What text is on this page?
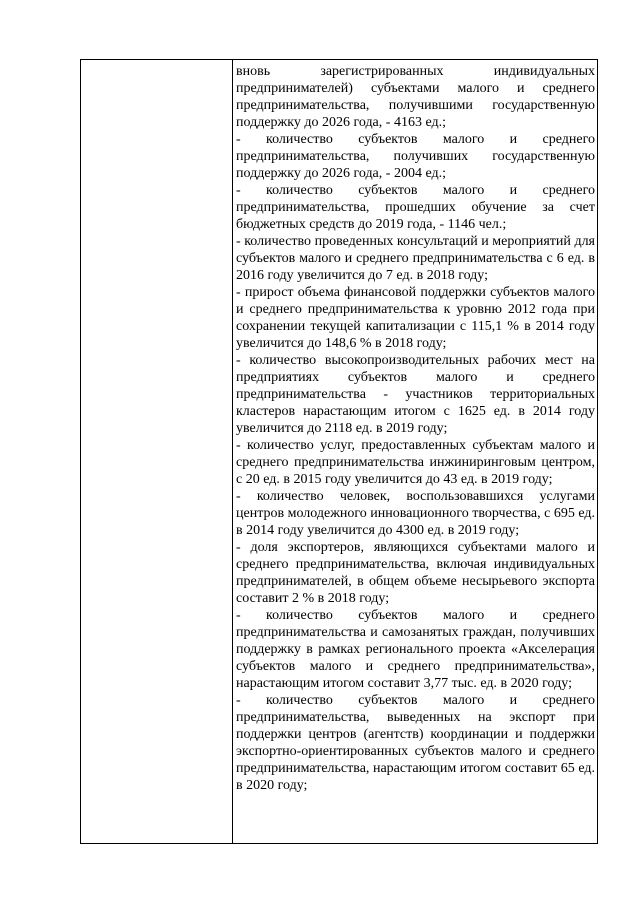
вновь зарегистрированных индивидуальных предпринимателей) субъектами малого и среднего предпринимательства, получившими государственную поддержку до 2026 года, - 4163 ед.;

- количество субъектов малого и среднего предпринимательства, получивших государственную поддержку до 2026 года, - 2004 ед.;

- количество субъектов малого и среднего предпринимательства, прошедших обучение за счет бюджетных средств до 2019 года, - 1146 чел.;

- количество проведенных консультаций и мероприятий для субъектов малого и среднего предпринимательства с 6 ед. в 2016 году увеличится до 7 ед. в 2018 году;

- прирост объема финансовой поддержки субъектов малого и среднего предпринимательства к уровню 2012 года при сохранении текущей капитализации с 115,1 % в 2014 году увеличится до 148,6 % в 2018 году;

- количество высокопроизводительных рабочих мест на предприятиях субъектов малого и среднего предпринимательства - участников территориальных кластеров нарастающим итогом с 1625 ед. в 2014 году увеличится до 2118 ед. в 2019 году;

- количество услуг, предоставленных субъектам малого и среднего предпринимательства инжиниринговым центром, с 20 ед. в 2015 году увеличится до 43 ед. в 2019 году;

- количество человек, воспользовавшихся услугами центров молодежного инновационного творчества, с 695 ед. в 2014 году увеличится до 4300 ед. в 2019 году;

- доля экспортеров, являющихся субъектами малого и среднего предпринимательства, включая индивидуальных предпринимателей, в общем объеме несырьевого экспорта составит 2 % в 2018 году;

- количество субъектов малого и среднего предпринимательства и самозанятых граждан, получивших поддержку в рамках регионального проекта «Акселерация субъектов малого и среднего предпринимательства», нарастающим итогом составит 3,77 тыс. ед. в 2020 году;

- количество субъектов малого и среднего предпринимательства, выведенных на экспорт при поддержки центров (агентств) координации и поддержки экспортно-ориентированных субъектов малого и среднего предпринимательства, нарастающим итогом составит 65 ед. в 2020 году;
